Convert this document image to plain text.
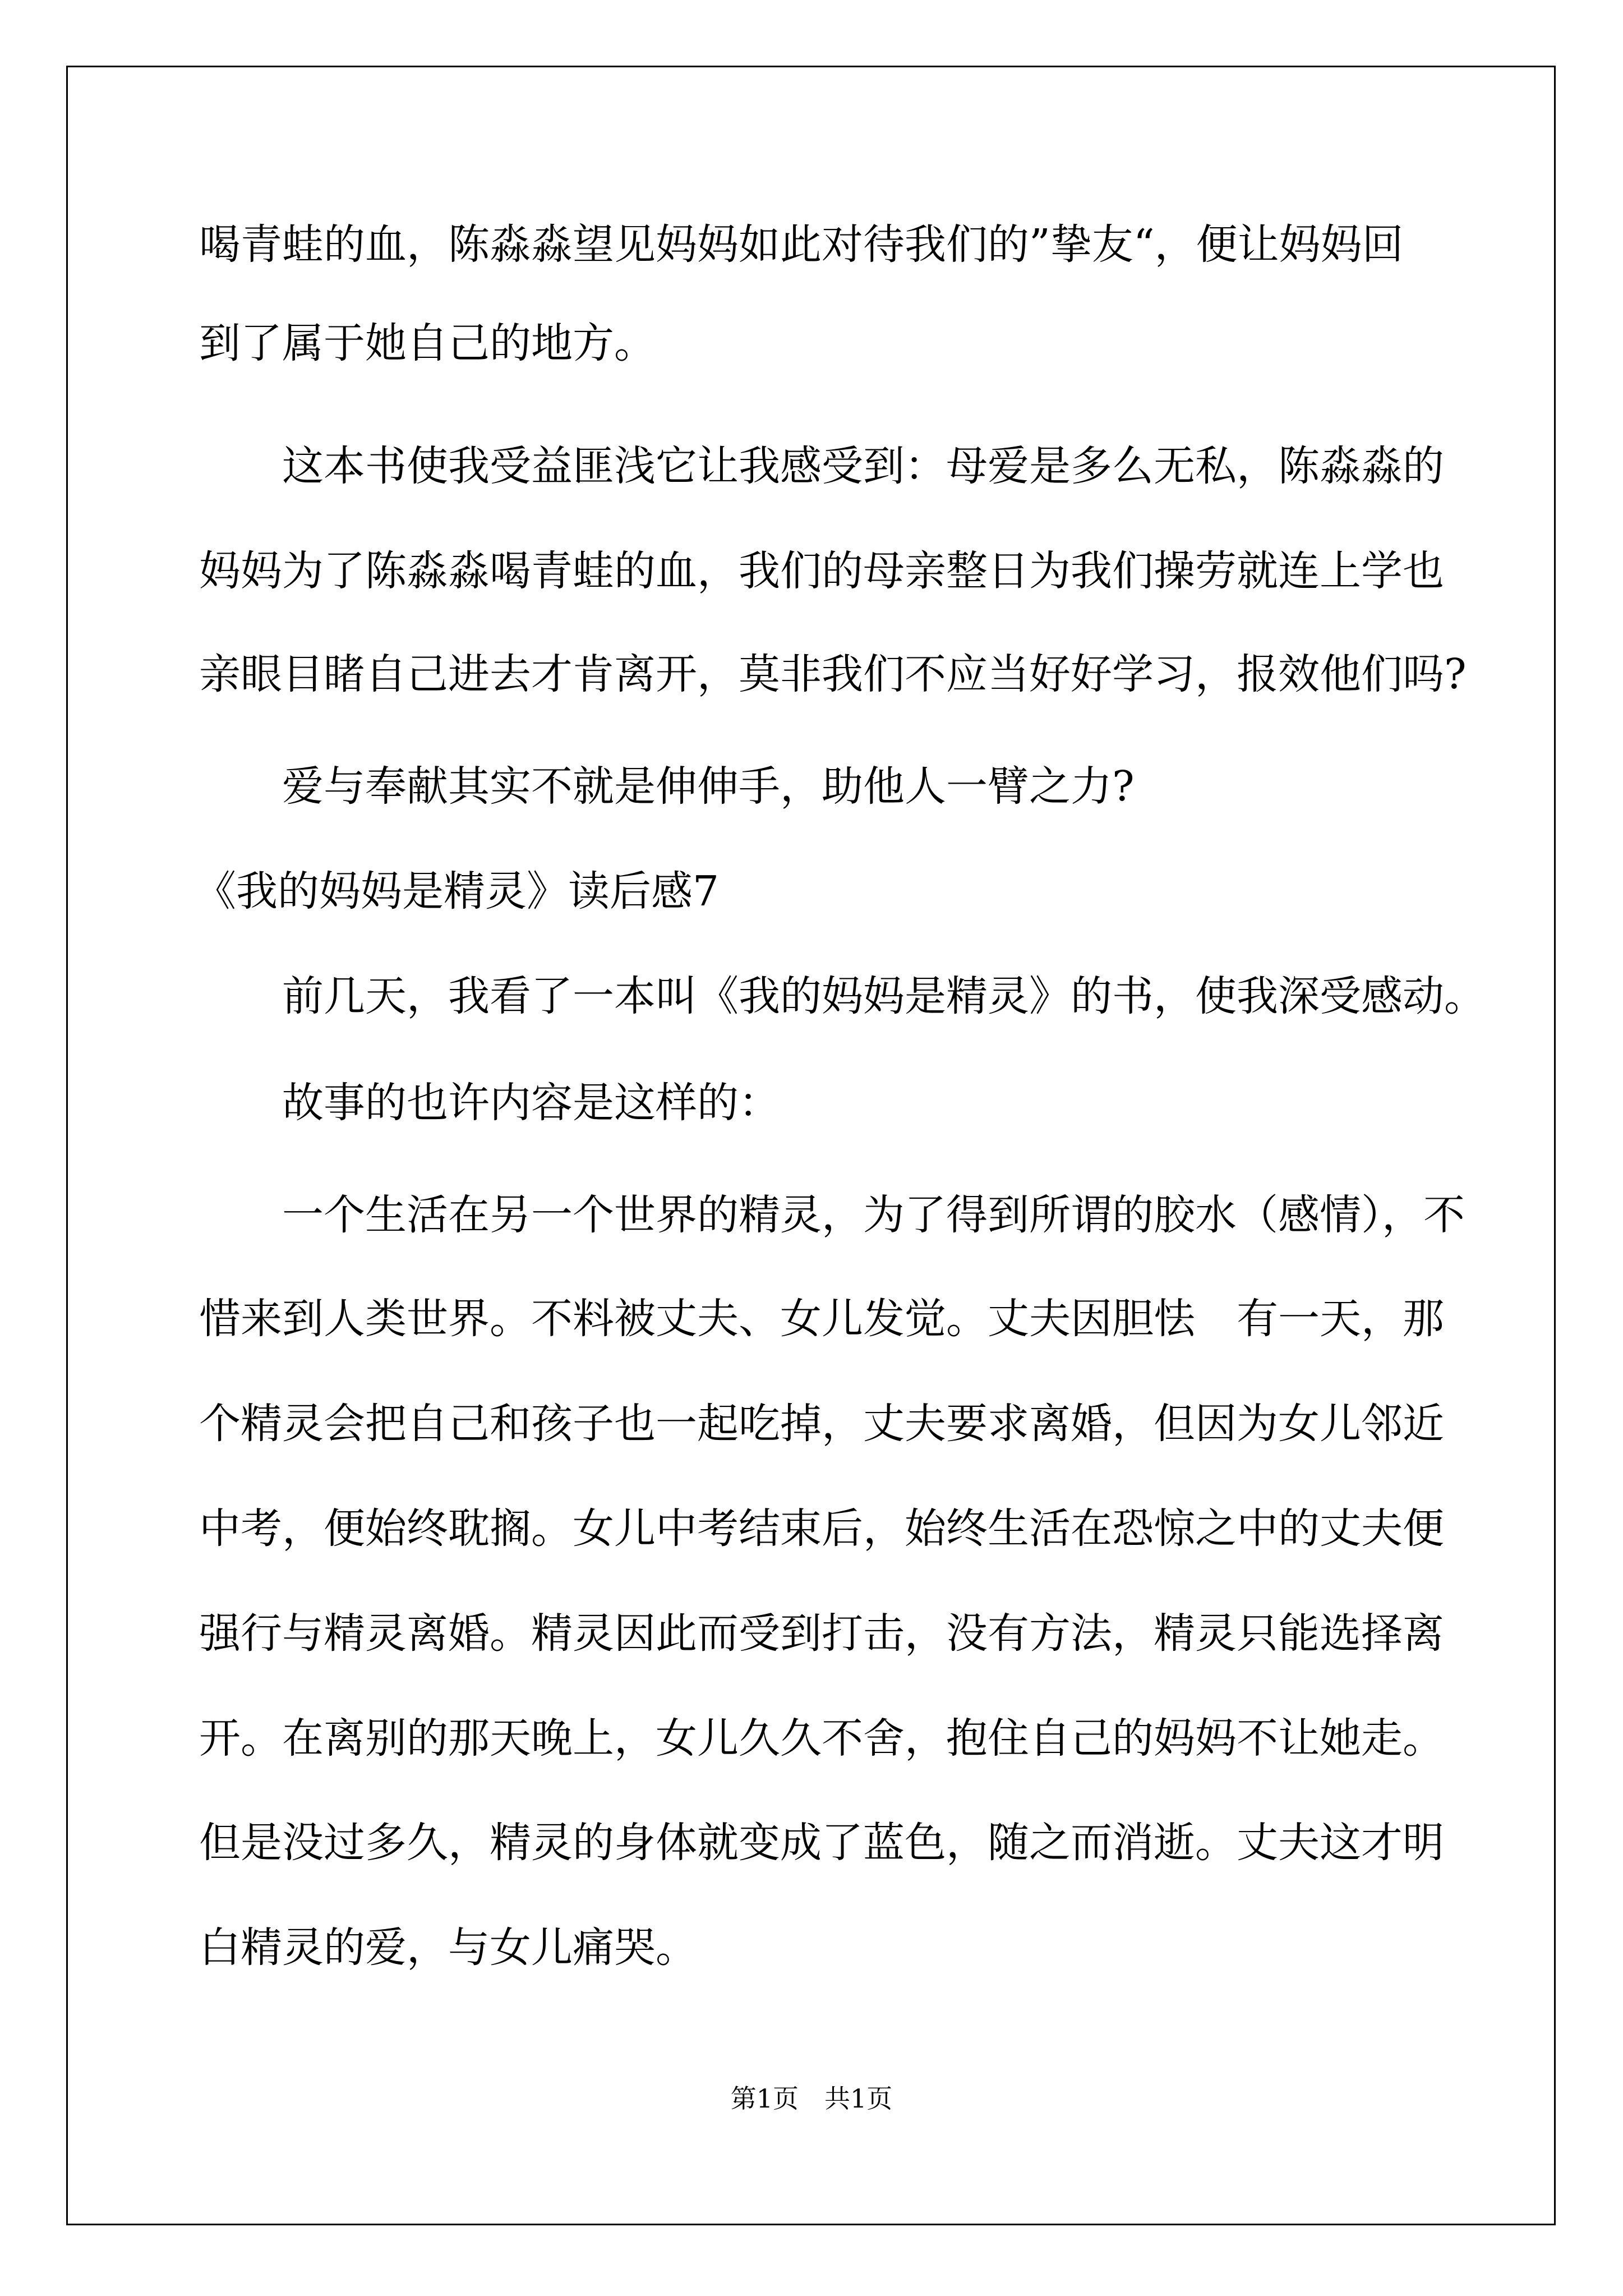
喝青蛙的血，陈淼淼望见妈妈如此对待我们的”挚友“，便让妈妈回
到了属于她自己的地方。
这本书使我受益匪浅它让我感受到：母爱是多么无私，陈淼淼的
妈妈为了陈淼淼喝青蛙的血，我们的母亲整日为我们操劳就连上学也
亲眼目睹自己进去才肯离开，莫非我们不应当好好学习，报效他们吗?
爱与奉献其实不就是伸伸手，助他人一臂之力?
《我的妈妈是精灵》读后感7
前几天，我看了一本叫《我的妈妈是精灵》的书，使我深受感动。
故事的也许内容是这样的：
一个生活在另一个世界的精灵，为了得到所谓的胶水（感情），不
惜来到人类世界。不料被丈夫、女儿发觉。丈夫因胆怯　有一天，那
个精灵会把自己和孩子也一起吃掉，丈夫要求离婚，但因为女儿邻近
中考，便始终耽搁。女儿中考结束后，始终生活在恐惊之中的丈夫便
强行与精灵离婚。精灵因此而受到打击，没有方法，精灵只能选择离
开。在离别的那天晚上，女儿久久不舍，抱住自己的妈妈不让她走。
但是没过多久，精灵的身体就变成了蓝色，随之而消逝。丈夫这才明
白精灵的爱，与女儿痛哭。
第1页　共1页
